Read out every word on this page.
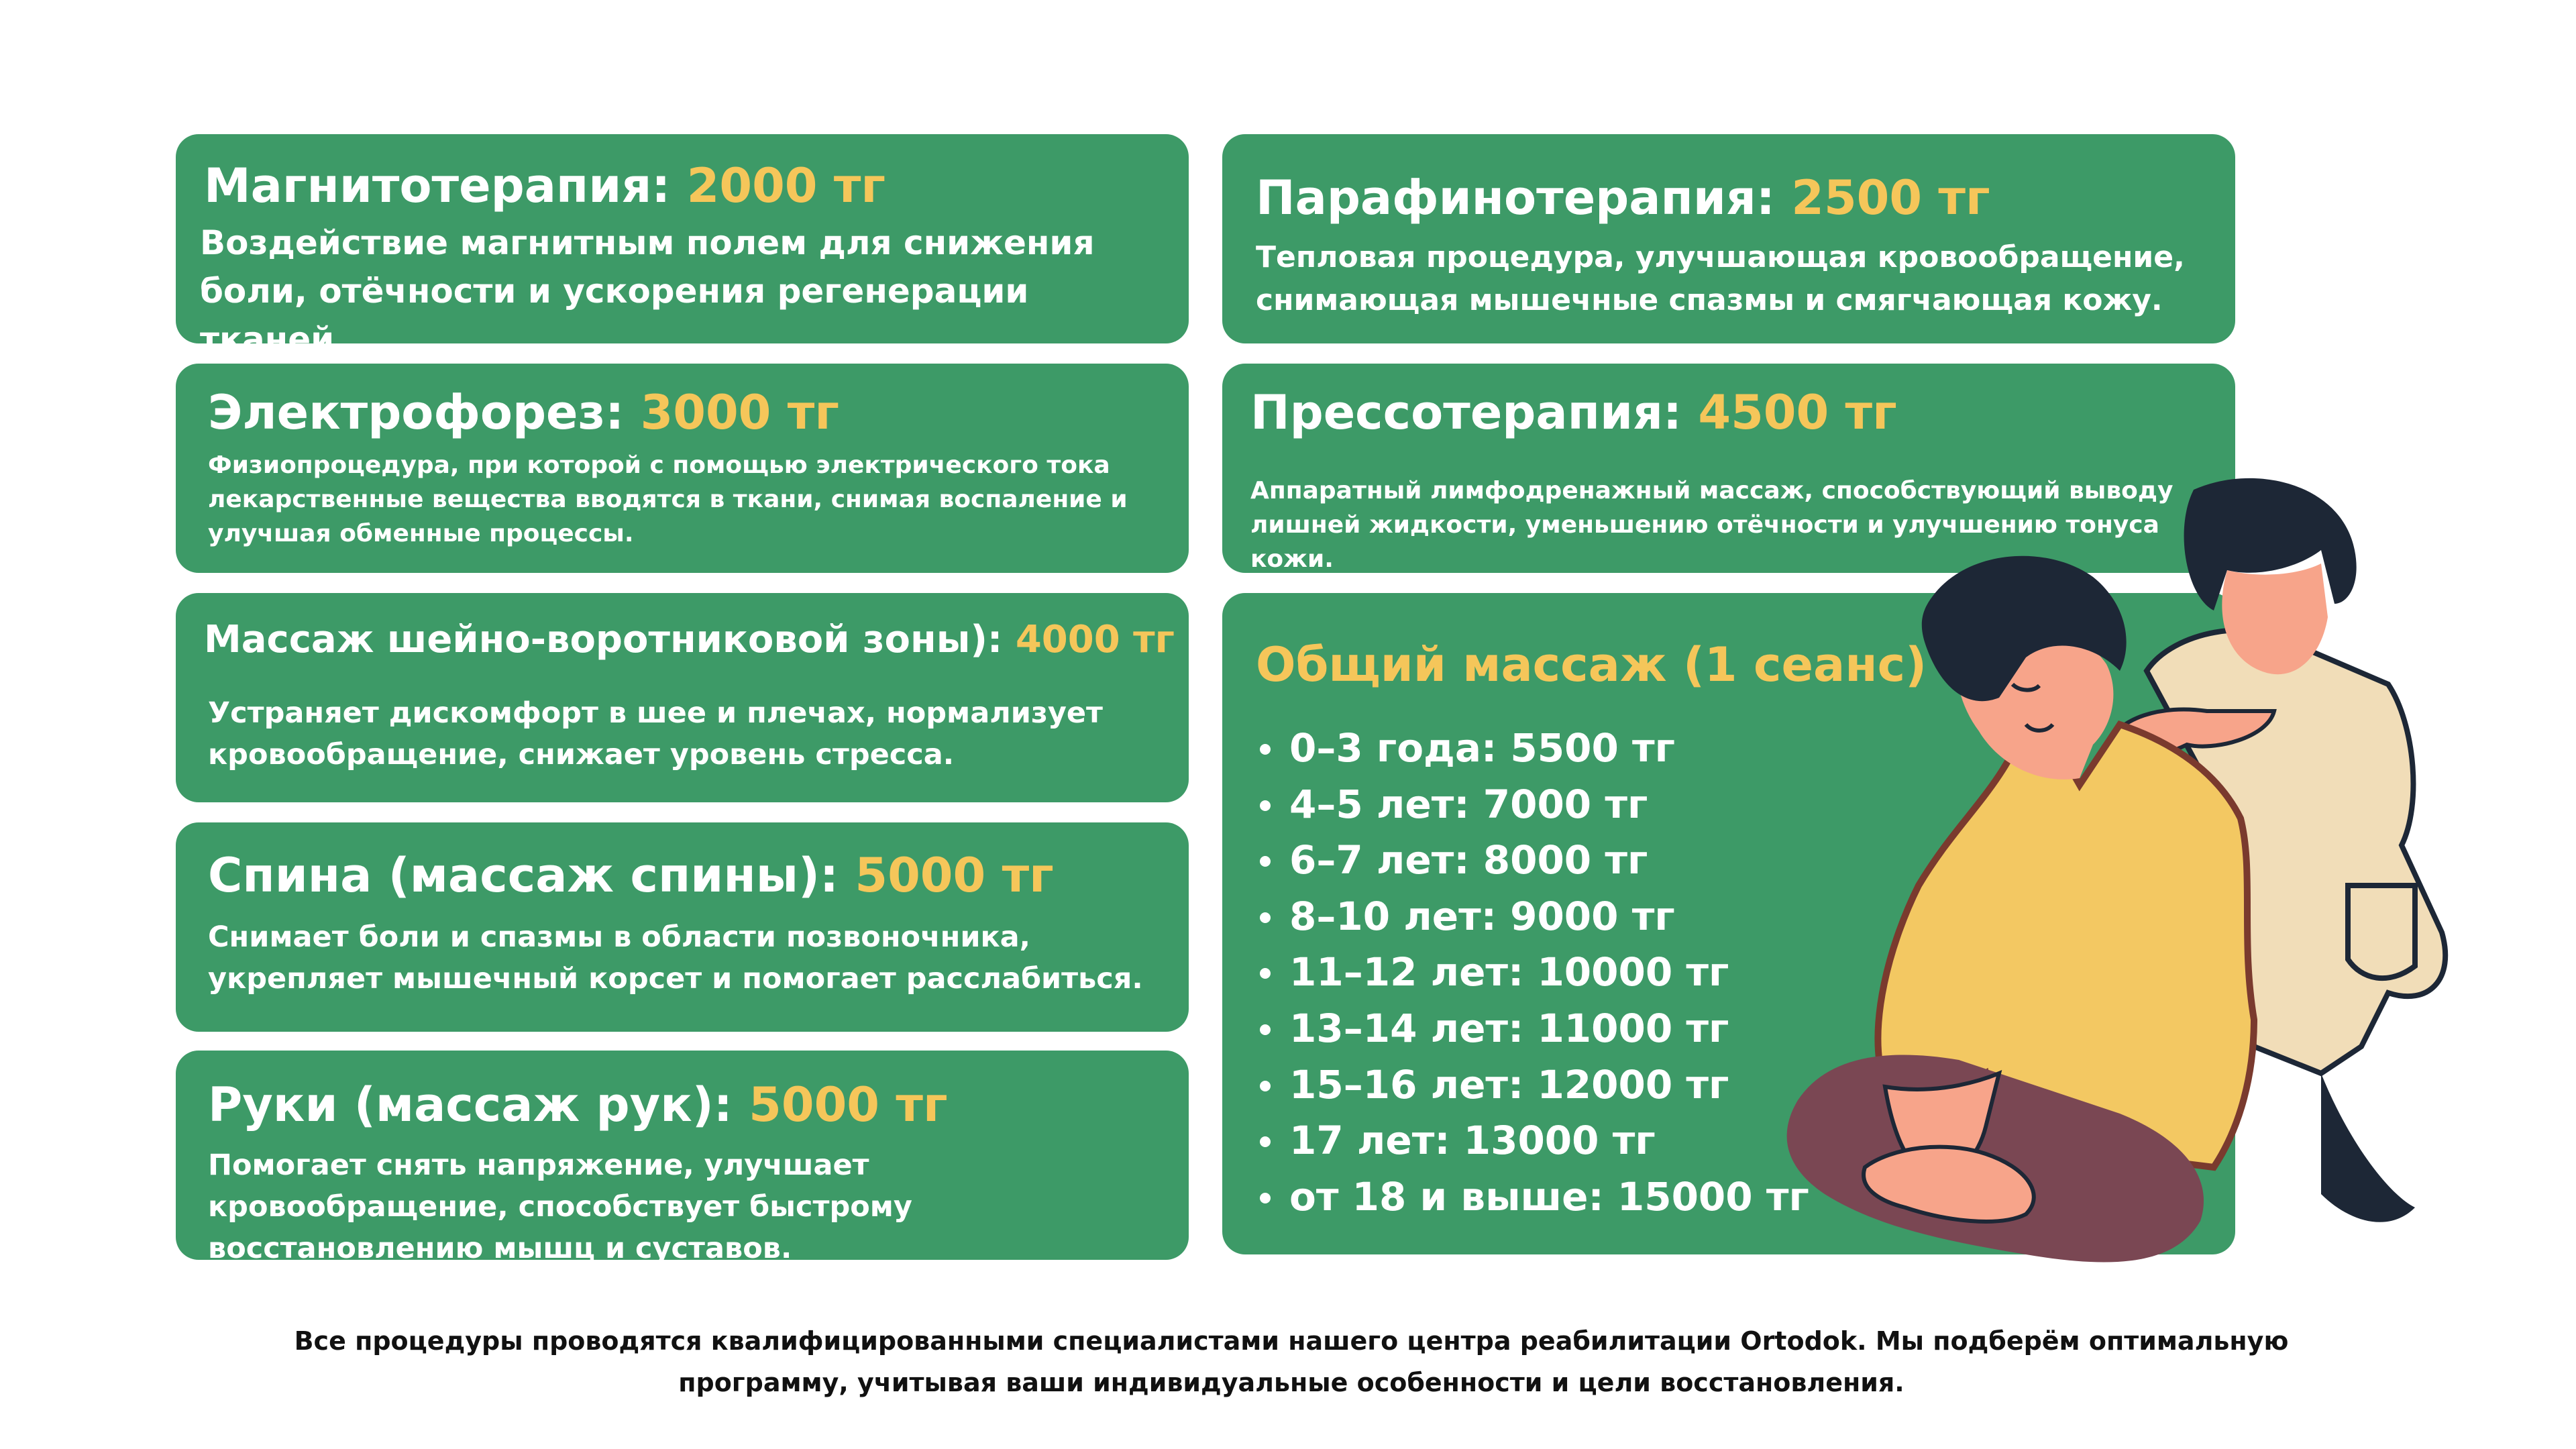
Магнитотерапия: 2000 тг
Воздействие магнитным полем для снижения боли, отёчности и ускорения регенерации тканей.
Электрофорез: 3000 тг
Физиопроцедура, при которой с помощью электрического тока лекарственные вещества вводятся в ткани, снимая воспаление и улучшая обменные процессы.
Массаж шейно-воротниковой зоны): 4000 тг
Устраняет дискомфорт в шее и плечах, нормализует кровообращение, снижает уровень стресса.
Спина (массаж спины): 5000 тг
Снимает боли и спазмы в области позвоночника, укрепляет мышечный корсет и помогает расслабиться.
Руки (массаж рук): 5000 тг
Помогает снять напряжение, улучшает кровообращение, способствует быстрому восстановлению мышц и суставов.
Парафинотерапия: 2500 тг
Тепловая процедура, улучшающая кровообращение, снимающая мышечные спазмы и смягчающая кожу.
Прессотерапия: 4500 тг
Аппаратный лимфодренажный массаж, способствующий выводу лишней жидкости, уменьшению отёчности и улучшению тонуса кожи.
Общий массаж (1 сеанс)
0–3 года: 5500 тг
4–5 лет: 7000 тг
6–7 лет: 8000 тг
8–10 лет: 9000 тг
11–12 лет: 10000 тг
13–14 лет: 11000 тг
15–16 лет: 12000 тг
17 лет: 13000 тг
от 18 и выше: 15000 тг
Все процедуры проводятся квалифицированными специалистами нашего центра реабилитации Ortodok. Мы подберём оптимальную
программу, учитывая ваши индивидуальные особенности и цели восстановления.
